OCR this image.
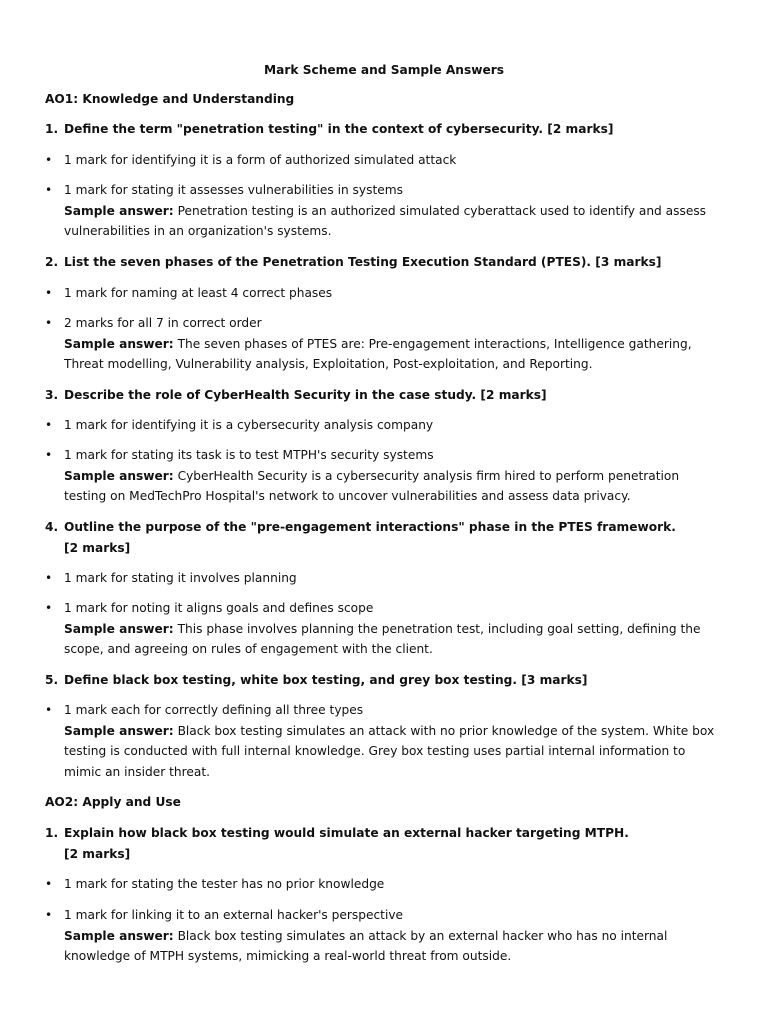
Mark Scheme and Sample Answers
AO1: Knowledge and Understanding
1. Define the term "penetration testing" in the context of cybersecurity. [2 marks]
• 1 mark for identifying it is a form of authorized simulated attack
• 1 mark for stating it assesses vulnerabilities in systems
Sample answer: Penetration testing is an authorized simulated cyberattack used to identify and assess vulnerabilities in an organization's systems.
2. List the seven phases of the Penetration Testing Execution Standard (PTES). [3 marks]
• 1 mark for naming at least 4 correct phases
• 2 marks for all 7 in correct order
Sample answer: The seven phases of PTES are: Pre-engagement interactions, Intelligence gathering, Threat modelling, Vulnerability analysis, Exploitation, Post-exploitation, and Reporting.
3. Describe the role of CyberHealth Security in the case study. [2 marks]
• 1 mark for identifying it is a cybersecurity analysis company
• 1 mark for stating its task is to test MTPH's security systems
Sample answer: CyberHealth Security is a cybersecurity analysis firm hired to perform penetration testing on MedTechPro Hospital's network to uncover vulnerabilities and assess data privacy.
4. Outline the purpose of the "pre-engagement interactions" phase in the PTES framework.
[2 marks]
• 1 mark for stating it involves planning
• 1 mark for noting it aligns goals and defines scope
Sample answer: This phase involves planning the penetration test, including goal setting, defining the scope, and agreeing on rules of engagement with the client.
5. Define black box testing, white box testing, and grey box testing. [3 marks]
• 1 mark each for correctly defining all three types
Sample answer: Black box testing simulates an attack with no prior knowledge of the system. White box testing is conducted with full internal knowledge. Grey box testing uses partial internal information to mimic an insider threat.
AO2: Apply and Use
1. Explain how black box testing would simulate an external hacker targeting MTPH.
[2 marks]
• 1 mark for stating the tester has no prior knowledge
• 1 mark for linking it to an external hacker's perspective
Sample answer: Black box testing simulates an attack by an external hacker who has no internal knowledge of MTPH systems, mimicking a real-world threat from outside.
